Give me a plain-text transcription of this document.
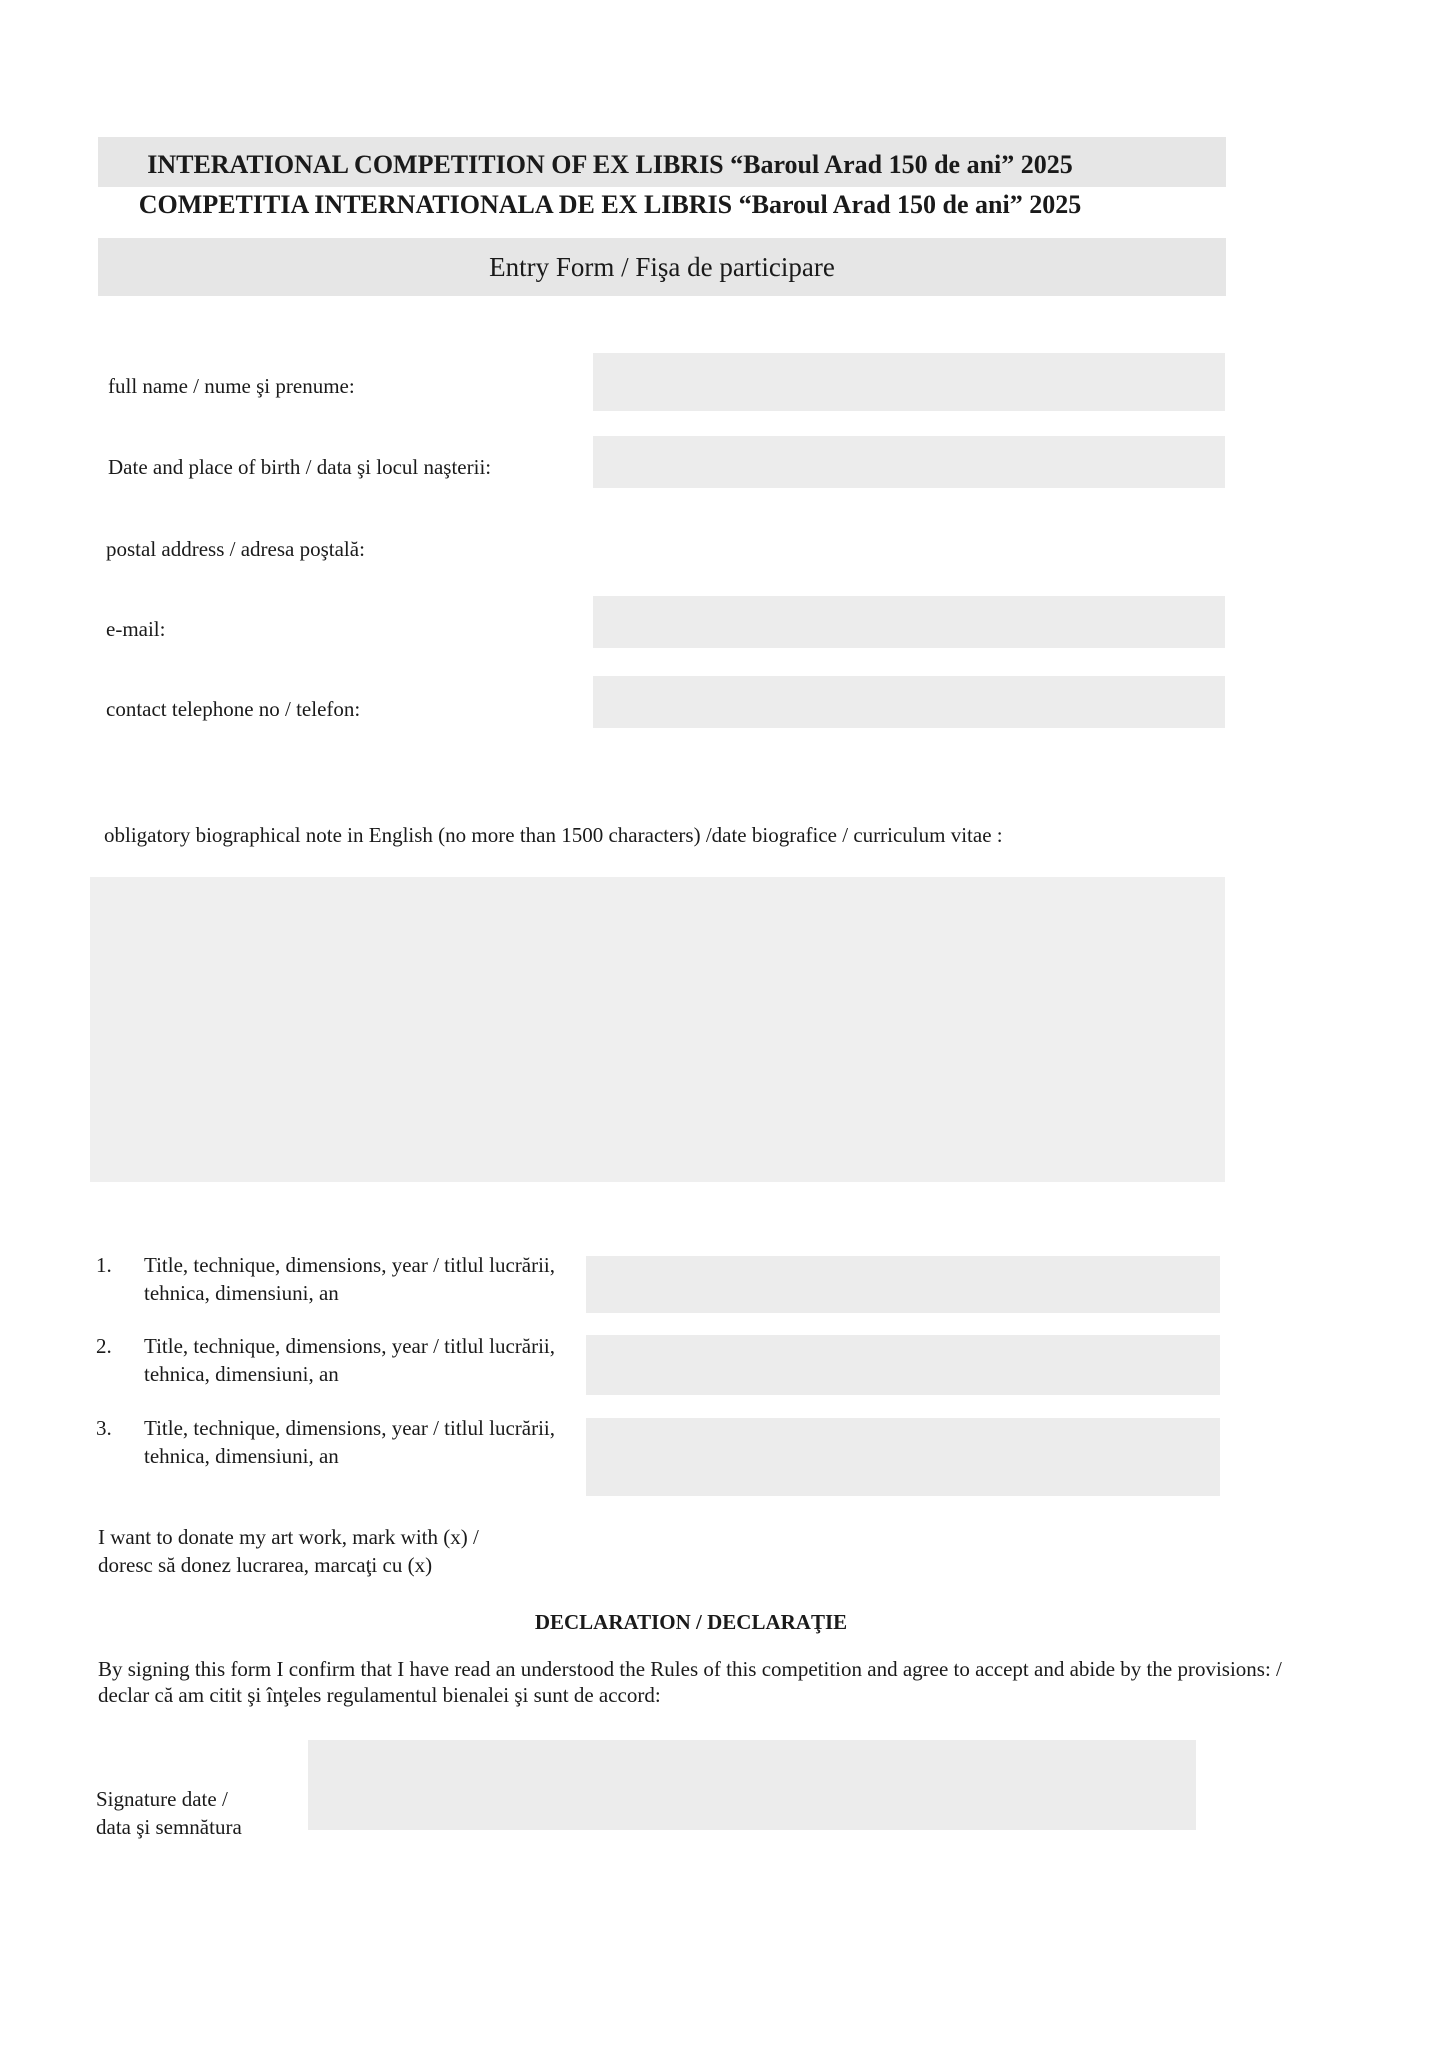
INTERATIONAL COMPETITION OF EX LIBRIS “Baroul Arad 150 de ani” 2025
COMPETITIA INTERNATIONALA DE EX LIBRIS “Baroul Arad 150 de ani” 2025
Entry Form / Fişa de participare
full name / nume şi prenume:
Date and place of birth / data şi locul naşterii:
postal address / adresa poştală:
e-mail:
contact telephone no / telefon:
obligatory biographical note in English (no more than 1500 characters) /date biografice / curriculum vitae :
1.	Title, technique, dimensions, year / titlul lucrării, tehnica, dimensiuni, an
2.	Title, technique, dimensions, year / titlul lucrării, tehnica, dimensiuni, an
3.	Title, technique, dimensions, year / titlul lucrării, tehnica, dimensiuni, an
I want to donate my art work, mark with (x) /
doresc să donez lucrarea, marcaţi cu (x)
DECLARATION / DECLARAŢIE
By signing this form I confirm that I have read an understood the Rules of this competition and agree to accept and abide by the provisions: / declar că am citit şi înţeles regulamentul bienalei şi sunt de accord:
Signature date /
data şi semnătura
